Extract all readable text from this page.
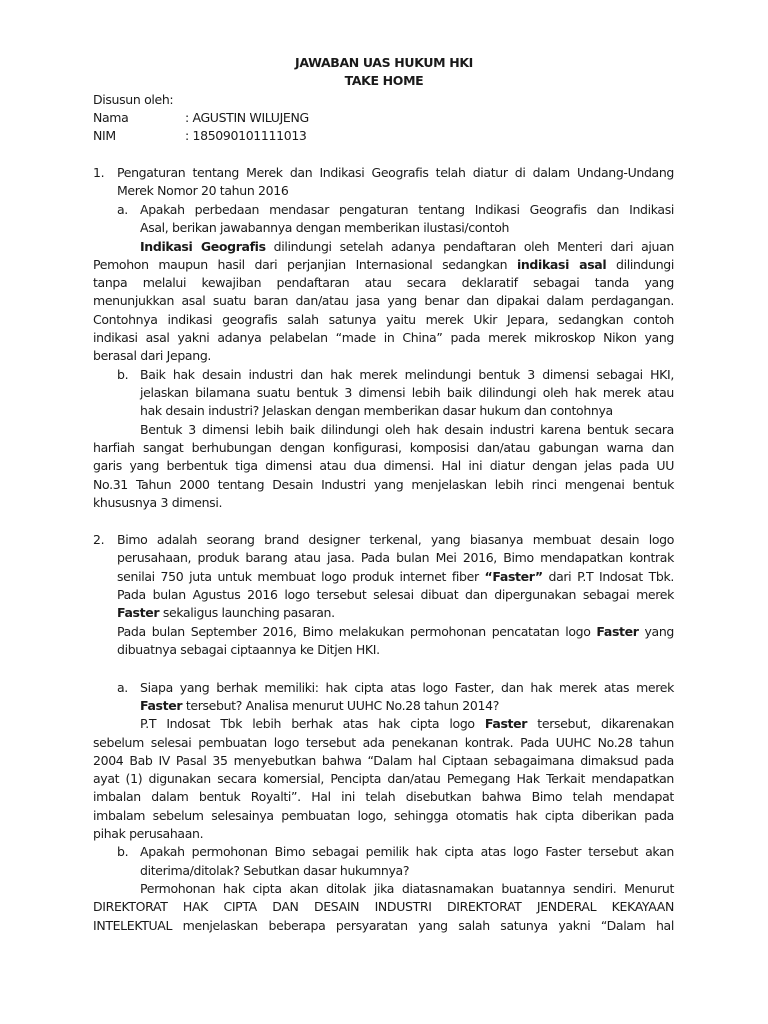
JAWABAN UAS HUKUM HKI
TAKE HOME
Disusun oleh:
Nama	: AGUSTIN WILUJENG
NIM	: 185090101111013
1. Pengaturan tentang Merek dan Indikasi Geografis telah diatur di dalam Undang-Undang
Merek Nomor 20 tahun 2016
a. Apakah perbedaan mendasar pengaturan tentang Indikasi Geografis dan Indikasi
Asal, berikan jawabannya dengan memberikan ilustasi/contoh
Indikasi Geografis dilindungi setelah adanya pendaftaran oleh Menteri dari ajuan
Pemohon maupun hasil dari perjanjian Internasional sedangkan indikasi asal dilindungi
tanpa melalui kewajiban pendaftaran atau secara deklaratif sebagai tanda yang
menunjukkan asal suatu baran dan/atau jasa yang benar dan dipakai dalam perdagangan.
Contohnya indikasi geografis salah satunya yaitu merek Ukir Jepara, sedangkan contoh
indikasi asal yakni adanya pelabelan “made in China” pada merek mikroskop Nikon yang
berasal dari Jepang.
b. Baik hak desain industri dan hak merek melindungi bentuk 3 dimensi sebagai HKI,
jelaskan bilamana suatu bentuk 3 dimensi lebih baik dilindungi oleh hak merek atau
hak desain industri? Jelaskan dengan memberikan dasar hukum dan contohnya
Bentuk 3 dimensi lebih baik dilindungi oleh hak desain industri karena bentuk secara
harfiah sangat berhubungan dengan konfigurasi, komposisi dan/atau gabungan warna dan
garis yang berbentuk tiga dimensi atau dua dimensi. Hal ini diatur dengan jelas pada UU
No.31 Tahun 2000 tentang Desain Industri yang menjelaskan lebih rinci mengenai bentuk
khususnya 3 dimensi.
2. Bimo adalah seorang brand designer terkenal, yang biasanya membuat desain logo
perusahaan, produk barang atau jasa. Pada bulan Mei 2016, Bimo mendapatkan kontrak
senilai 750 juta untuk membuat logo produk internet fiber “Faster” dari P.T Indosat Tbk.
Pada bulan Agustus 2016 logo tersebut selesai dibuat dan dipergunakan sebagai merek
Faster sekaligus launching pasaran.
Pada bulan September 2016, Bimo melakukan permohonan pencatatan logo Faster yang
dibuatnya sebagai ciptaannya ke Ditjen HKI.
a. Siapa yang berhak memiliki: hak cipta atas logo Faster, dan hak merek atas merek
Faster tersebut? Analisa menurut UUHC No.28 tahun 2014?
P.T Indosat Tbk lebih berhak atas hak cipta logo Faster tersebut, dikarenakan
sebelum selesai pembuatan logo tersebut ada penekanan kontrak. Pada UUHC No.28 tahun
2004 Bab IV Pasal 35 menyebutkan bahwa “Dalam hal Ciptaan sebagaimana dimaksud pada
ayat (1) digunakan secara komersial, Pencipta dan/atau Pemegang Hak Terkait mendapatkan
imbalan dalam bentuk Royalti”. Hal ini telah disebutkan bahwa Bimo telah mendapat
imbalam sebelum selesainya pembuatan logo, sehingga otomatis hak cipta diberikan pada
pihak perusahaan.
b. Apakah permohonan Bimo sebagai pemilik hak cipta atas logo Faster tersebut akan
diterima/ditolak? Sebutkan dasar hukumnya?
Permohonan hak cipta akan ditolak jika diatasnamakan buatannya sendiri. Menurut
DIREKTORAT HAK CIPTA DAN DESAIN INDUSTRI DIREKTORAT JENDERAL KEKAYAAN
INTELEKTUAL menjelaskan beberapa persyaratan yang salah satunya yakni “Dalam hal
